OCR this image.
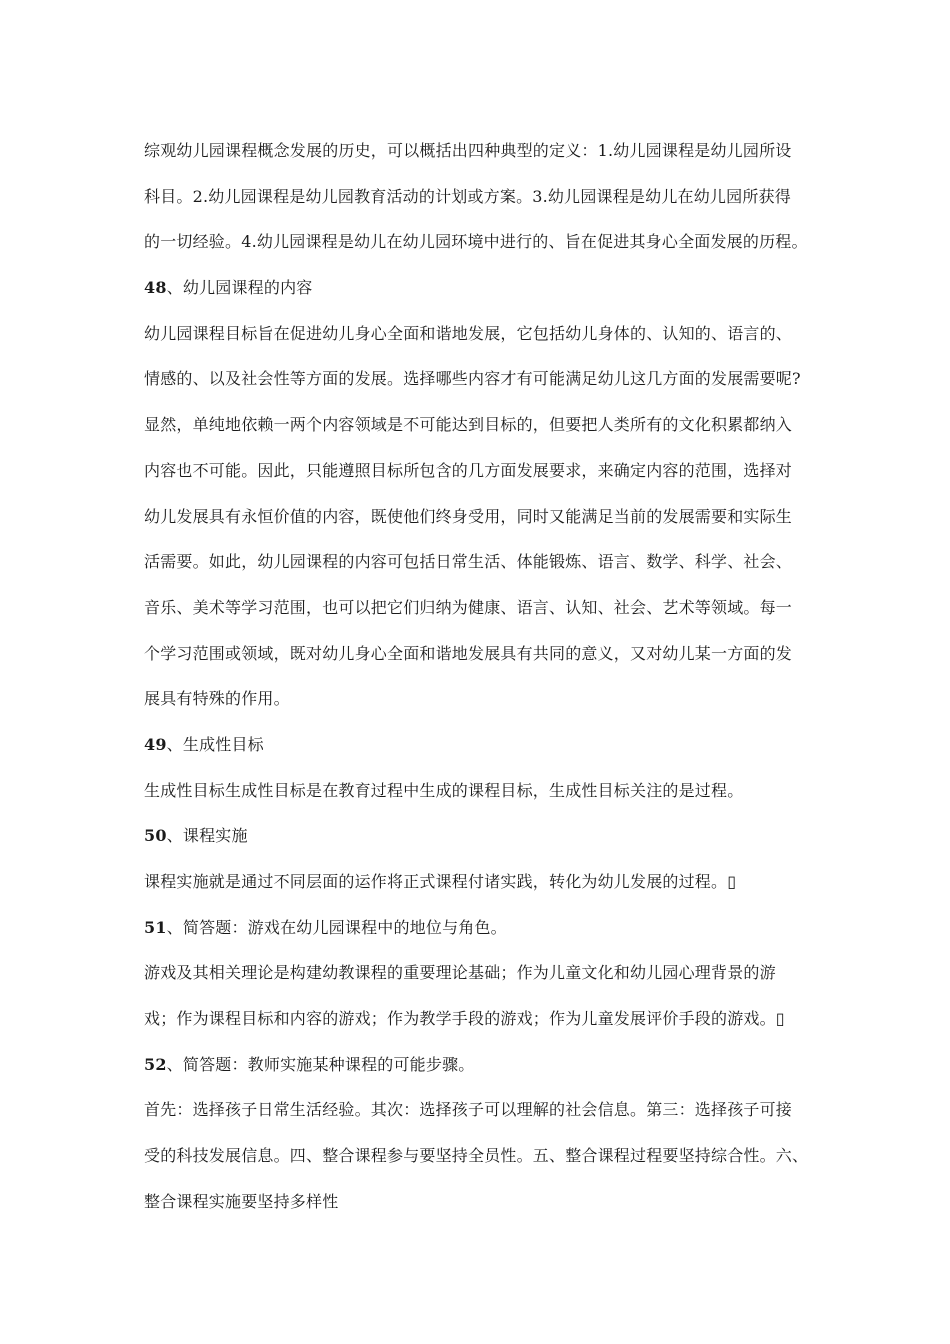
综观幼儿园课程概念发展的历史，可以概括出四种典型的定义：1.幼儿园课程是幼儿园所设
科目。2.幼儿园课程是幼儿园教育活动的计划或方案。3.幼儿园课程是幼儿在幼儿园所获得
的一切经验。4.幼儿园课程是幼儿在幼儿园环境中进行的、旨在促进其身心全面发展的历程。
48、幼儿园课程的内容
幼儿园课程目标旨在促进幼儿身心全面和谐地发展，它包括幼儿身体的、认知的、语言的、
情感的、以及社会性等方面的发展。选择哪些内容才有可能满足幼儿这几方面的发展需要呢?
显然，单纯地依赖一两个内容领域是不可能达到目标的，但要把人类所有的文化积累都纳入
内容也不可能。因此，只能遵照目标所包含的几方面发展要求，来确定内容的范围，选择对
幼儿发展具有永恒价值的内容，既使他们终身受用，同时又能满足当前的发展需要和实际生
活需要。如此，幼儿园课程的内容可包括日常生活、体能锻炼、语言、数学、科学、社会、
音乐、美术等学习范围，也可以把它们归纳为健康、语言、认知、社会、艺术等领域。每一
个学习范围或领域，既对幼儿身心全面和谐地发展具有共同的意义，又对幼儿某一方面的发
展具有特殊的作用。
49、生成性目标
生成性目标生成性目标是在教育过程中生成的课程目标，生成性目标关注的是过程。
50、课程实施
课程实施就是通过不同层面的运作将正式课程付诸实践，转化为幼儿发展的过程。▯
51、简答题：游戏在幼儿园课程中的地位与角色。
游戏及其相关理论是构建幼教课程的重要理论基础；作为儿童文化和幼儿园心理背景的游
戏；作为课程目标和内容的游戏；作为教学手段的游戏；作为儿童发展评价手段的游戏。▯
52、简答题：教师实施某种课程的可能步骤。
首先：选择孩子日常生活经验。其次：选择孩子可以理解的社会信息。第三：选择孩子可接
受的科技发展信息。四、整合课程参与要坚持全员性。五、整合课程过程要坚持综合性。六、
整合课程实施要坚持多样性
